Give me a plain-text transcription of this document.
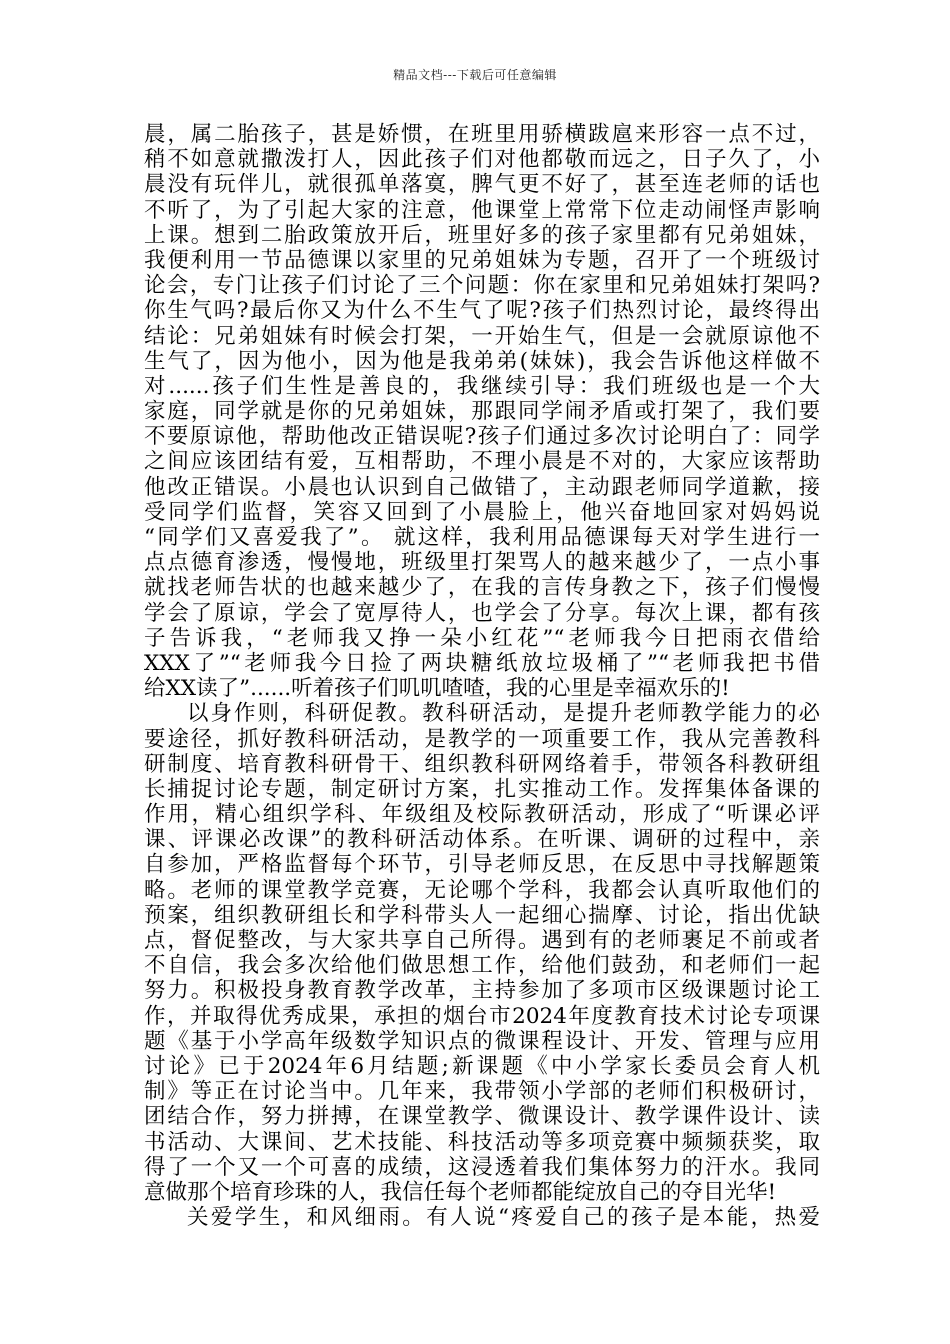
精品文档---下载后可任意编辑
晨，属二胎孩子，甚是娇惯，在班里用骄横跋扈来形容一点不过，
稍不如意就撒泼打人，因此孩子们对他都敬而远之，日子久了，小
晨没有玩伴儿，就很孤单落寞，脾气更不好了，甚至连老师的话也
不听了，为了引起大家的注意，他课堂上常常下位走动闹怪声影响
上课。想到二胎政策放开后，班里好多的孩子家里都有兄弟姐妹，
我便利用一节品德课以家里的兄弟姐妹为专题，召开了一个班级讨
论会，专门让孩子们讨论了三个问题：你在家里和兄弟姐妹打架吗?
你生气吗?最后你又为什么不生气了呢?孩子们热烈讨论，最终得出
结论：兄弟姐妹有时候会打架，一开始生气，但是一会就原谅他不
生气了，因为他小，因为他是我弟弟(妹妹)，我会告诉他这样做不
对......孩子们生性是善良的，我继续引导：我们班级也是一个大
家庭，同学就是你的兄弟姐妹，那跟同学闹矛盾或打架了，我们要
不要原谅他，帮助他改正错误呢?孩子们通过多次讨论明白了：同学
之间应该团结有爱，互相帮助，不理小晨是不对的，大家应该帮助
他改正错误。小晨也认识到自己做错了，主动跟老师同学道歉，接
受同学们监督，笑容又回到了小晨脸上，他兴奋地回家对妈妈说
“同学们又喜爱我了”。 就这样，我利用品德课每天对学生进行一
点点德育渗透，慢慢地，班级里打架骂人的越来越少了，一点小事
就找老师告状的也越来越少了，在我的言传身教之下，孩子们慢慢
学会了原谅，学会了宽厚待人，也学会了分享。每次上课，都有孩
子告诉我，“老师我又挣一朵小红花”“老师我今日把雨衣借给
XXX了”“老师我今日捡了两块糖纸放垃圾桶了”“老师我把书借
给XX读了”......听着孩子们叽叽喳喳，我的心里是幸福欢乐的!
以身作则，科研促教。教科研活动，是提升老师教学能力的必
要途径，抓好教科研活动，是教学的一项重要工作，我从完善教科
研制度、培育教科研骨干、组织教科研网络着手，带领各科教研组
长捕捉讨论专题，制定研讨方案，扎实推动工作。发挥集体备课的
作用，精心组织学科、年级组及校际教研活动，形成了“听课必评
课、评课必改课”的教科研活动体系。在听课、调研的过程中，亲
自参加，严格监督每个环节，引导老师反思，在反思中寻找解题策
略。老师的课堂教学竞赛，无论哪个学科，我都会认真听取他们的
预案，组织教研组长和学科带头人一起细心揣摩、讨论，指出优缺
点，督促整改，与大家共享自己所得。遇到有的老师裹足不前或者
不自信，我会多次给他们做思想工作，给他们鼓劲，和老师们一起
努力。积极投身教育教学改革，主持参加了多项市区级课题讨论工
作，并取得优秀成果，承担的烟台市2024年度教育技术讨论专项课
题《基于小学高年级数学知识点的微课程设计、开发、管理与应用
讨论》已于2024年6月结题;新课题《中小学家长委员会育人机
制》等正在讨论当中。几年来，我带领小学部的老师们积极研讨，
团结合作，努力拼搏，在课堂教学、微课设计、教学课件设计、读
书活动、大课间、艺术技能、科技活动等多项竞赛中频频获奖，取
得了一个又一个可喜的成绩，这浸透着我们集体努力的汗水。我同
意做那个培育珍珠的人，我信任每个老师都能绽放自己的夺目光华!
关爱学生，和风细雨。有人说“疼爱自己的孩子是本能，热爱
